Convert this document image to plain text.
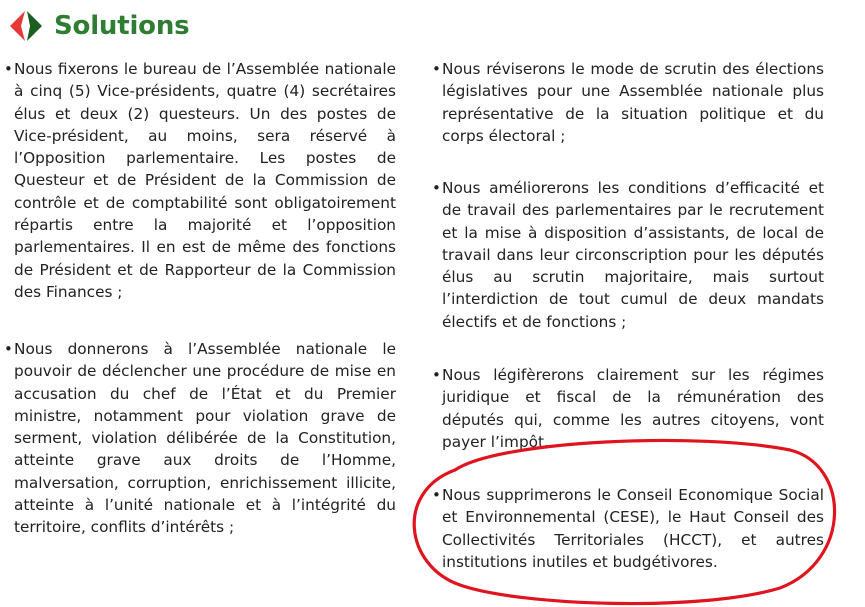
Solutions
• Nous fixerons le bureau de l’Assemblée nationale à cinq (5) Vice-présidents, quatre (4) secrétaires élus et deux (2) questeurs. Un des postes de Vice-président, au moins, sera réservé à l’Opposition parlementaire. Les postes de Questeur et de Président de la Commission de contrôle et de comptabilité sont obligatoirement répartis entre la majorité et l’opposition parlementaires. Il en est de même des fonctions de Président et de Rapporteur de la Commission des Finances ;
• Nous donnerons à l’Assemblée nationale le pouvoir de déclencher une procédure de mise en accusation du chef de l’État et du Premier ministre, notamment pour violation grave de serment, violation délibérée de la Constitution, atteinte grave aux droits de l’Homme, malversation, corruption, enrichissement illicite, atteinte à l’unité nationale et à l’intégrité du territoire, conflits d’intérêts ;
• Nous réviserons le mode de scrutin des élections législatives pour une Assemblée nationale plus représentative de la situation politique et du corps électoral ;
• Nous améliorerons les conditions d’efficacité et de travail des parlementaires par le recrutement et la mise à disposition d’assistants, de local de travail dans leur circonscription pour les députés élus au scrutin majoritaire, mais surtout l’interdiction de tout cumul de deux mandats électifs et de fonctions ;
• Nous légifèrerons clairement sur les régimes juridique et fiscal de la rémunération des députés qui, comme les autres citoyens, vont payer l’impôt.
• Nous supprimerons le Conseil Economique Social et Environnemental (CESE), le Haut Conseil des Collectivités Territoriales (HCCT), et autres institutions inutiles et budgétivores.
